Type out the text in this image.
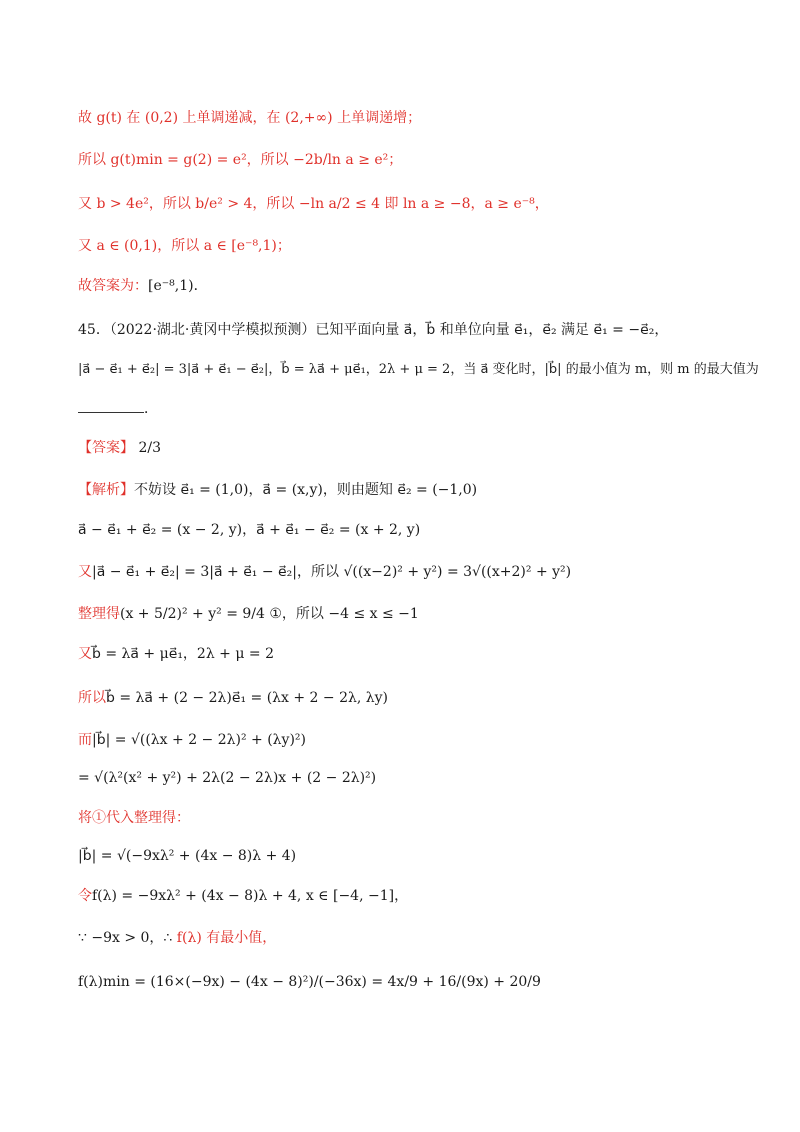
故 g(t) 在 (0,2) 上单调递减，在 (2,+∞) 上单调递增；
所以 g(t)min = g(2) = e²，所以 −2b/ln a ≥ e²；
又 b > 4e²，所以 b/e² > 4，所以 −ln a/2 ≤ 4 即 ln a ≥ −8，a ≥ e⁻⁸，
又 a ∈ (0,1)，所以 a ∈ [e⁻⁸,1)；
故答案为：[e⁻⁸,1)．
45．（2022·湖北·黄冈中学模拟预测）已知平面向量 a⃗，b⃗ 和单位向量 e⃗₁，e⃗₂ 满足 e⃗₁ = −e⃗₂，
|a⃗ − e⃗₁ + e⃗₂| = 3|a⃗ + e⃗₁ − e⃗₂|，b⃗ = λa⃗ + μe⃗₁，2λ + μ = 2，当 a⃗ 变化时，|b⃗| 的最小值为 m，则 m 的最大值为
．
【答案】 2/3
【解析】不妨设 e⃗₁ = (1,0)，a⃗ = (x,y)，则由题知 e⃗₂ = (−1,0)
a⃗ − e⃗₁ + e⃗₂ = (x − 2, y)，a⃗ + e⃗₁ − e⃗₂ = (x + 2, y)
又|a⃗ − e⃗₁ + e⃗₂| = 3|a⃗ + e⃗₁ − e⃗₂|，所以 √((x−2)² + y²) = 3√((x+2)² + y²)
整理得(x + 5/2)² + y² = 9/4 ①，所以 −4 ≤ x ≤ −1
又b⃗ = λa⃗ + μe⃗₁，2λ + μ = 2
所以b⃗ = λa⃗ + (2 − 2λ)e⃗₁ = (λx + 2 − 2λ, λy)
而|b⃗| = √((λx + 2 − 2λ)² + (λy)²)
= √(λ²(x² + y²) + 2λ(2 − 2λ)x + (2 − 2λ)²)
将①代入整理得：
|b⃗| = √(−9xλ² + (4x − 8)λ + 4)
令f(λ) = −9xλ² + (4x − 8)λ + 4, x ∈ [−4, −1]，
∵ −9x > 0，∴ f(λ) 有最小值，
f(λ)min = (16×(−9x) − (4x − 8)²)/(−36x) = 4x/9 + 16/(9x) + 20/9
